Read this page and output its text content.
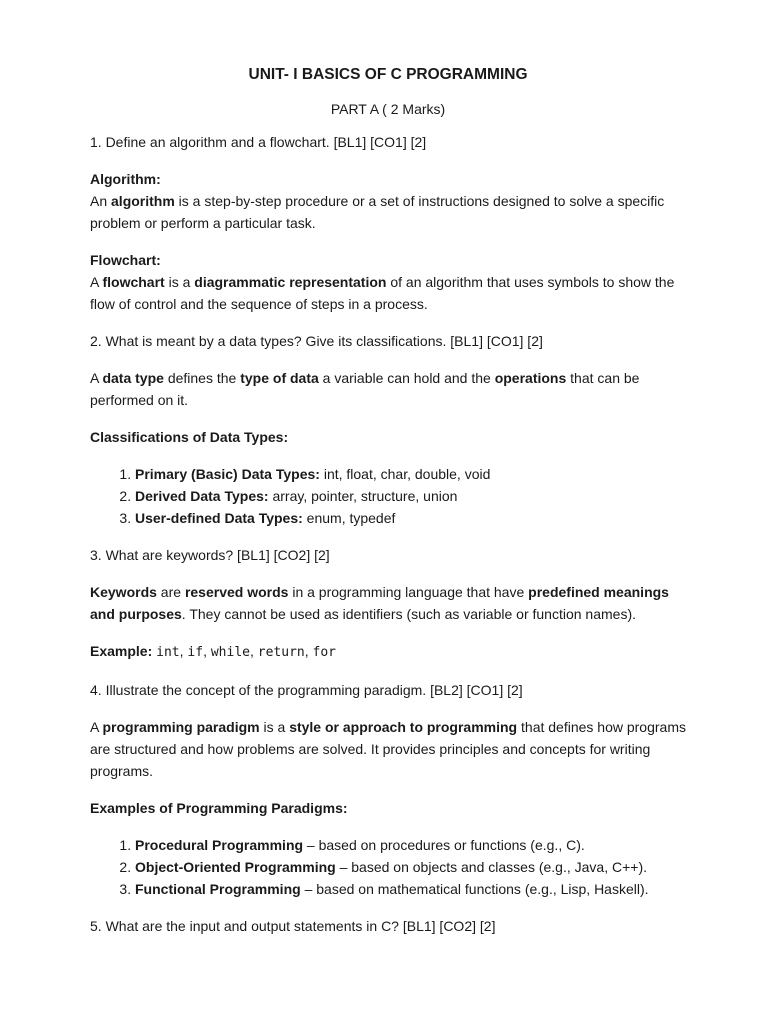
UNIT- I BASICS OF C PROGRAMMING
PART A ( 2 Marks)

1. Define an algorithm and a flowchart. [BL1] [CO1] [2]

Algorithm:
An algorithm is a step-by-step procedure or a set of instructions designed to solve a specific problem or perform a particular task.
Flowchart:
A flowchart is a diagrammatic representation of an algorithm that uses symbols to show the flow of control and the sequence of steps in a process.

2. What is meant by a data types? Give its classifications. [BL1] [CO1] [2]

A data type defines the type of data a variable can hold and the operations that can be performed on it.

Classifications of Data Types:

1. Primary (Basic) Data Types: int, float, char, double, void
2. Derived Data Types: array, pointer, structure, union
3. User-defined Data Types: enum, typedef

3. What are keywords? [BL1] [CO2] [2]

Keywords are reserved words in a programming language that have predefined meanings and purposes. They cannot be used as identifiers (such as variable or function names).

Example: int, if, while, return, for

4. Illustrate the concept of the programming paradigm. [BL2] [CO1] [2]

A programming paradigm is a style or approach to programming that defines how programs are structured and how problems are solved. It provides principles and concepts for writing programs.

Examples of Programming Paradigms:

1. Procedural Programming – based on procedures or functions (e.g., C).
2. Object-Oriented Programming – based on objects and classes (e.g., Java, C++).
3. Functional Programming – based on mathematical functions (e.g., Lisp, Haskell).

5. What are the input and output statements in C? [BL1] [CO2] [2]
